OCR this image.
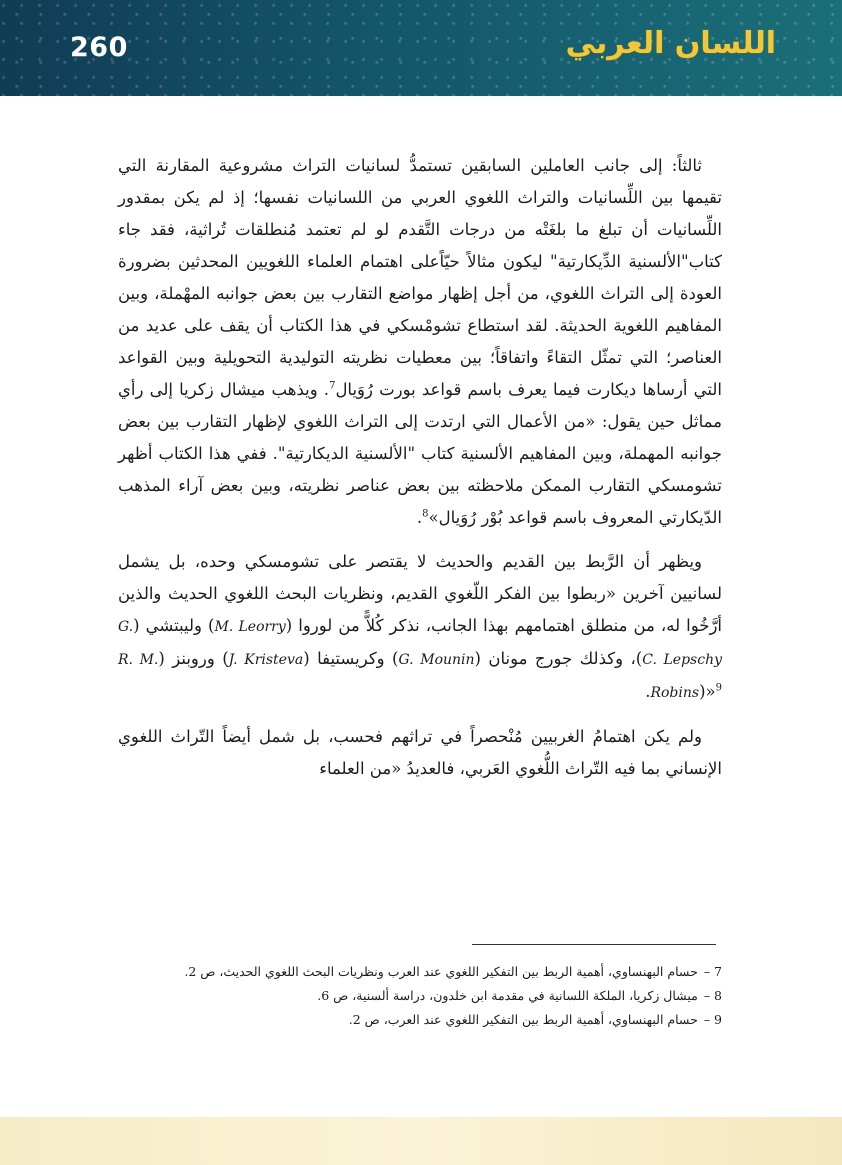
260	اللسان العربي

ثالثاً: إلى جانب العاملين السابقين تستمدُّ لسانيات التراث مشروعية المقارنة التي تقيمها بين اللِّسانيات والتراث اللغوي العربي من اللسانيات نفسها؛ إذ لم يكن بمقدور اللِّسانيات أن تبلغ ما بلغَتْه من درجات التَّقدم لو لم تعتمد مُنطلقات تُراثية، فقد جاء كتاب"الألسنية الدِّيكارتية" ليكون مثالاً حيّاًعلى اهتمام العلماء اللغويين المحدثين بضرورة العودة إلى التراث اللغوي، من أجل إظهار مواضع التقارب بين بعض جوانبه المهْملة، وبين المفاهيم اللغوية الحديثة. لقد استطاع تشومْسكي في هذا الكتاب أن يقف على عديد من العناصر؛ التي تمثّل التقاءً واتفاقاً؛ بين معطيات نظريته التوليدية التحويلية وبين القواعد التي أرساها ديكارت فيما يعرف باسم قواعد بورت رُوَيال$^7$. ويذهب ميشال زكريا إلى رأي مماثل حين يقول: «من الأعمال التي ارتدت إلى التراث اللغوي لإظهار التقارب بين بعض جوانبه المهملة، وبين المفاهيم الألسنية كتاب "الألسنية الديكارتية". ففي هذا الكتاب أظهر تشومسكي التقارب الممكن ملاحظته بين بعض عناصر نظريته، وبين بعض آراء المذهب الدّيكارتي المعروف باسم قواعد بُوْر رُوَيال»$^8$.

ويظهر أن الرَّبط بين القديم والحديث لا يقتصر على تشومسكي وحده، بل يشمل لسانيين آخرين «ربطوا بين الفكر اللّغوي القديم، ونظريات البحث اللغوي الحديث والذين أرَّخُوا له، من منطلق اهتمامهم بهذا الجانب، نذكر كُلاًّ من لوروا (M. Leorry) وليبتشي (G. C. Lepschy)، وكذلك جورج مونان (G. Mounin) وكريستيفا (J. Kristeva) وروبنز (R. M. Robins)»$^9$.

ولم يكن اهتمامُ الغربيين مُنْحصراً في تراثهم فحسب، بل شمل أيضاً التّراث اللغوي الإنساني بما فيه التّراث اللُّغوي العَربي، فالعديدُ «من العلماء

7 –حسام البهنساوي، أهمية الربط بين التفكير اللغوي عند العرب ونظريات البحث اللغوي الحديث، ص 2.

8 –ميشال زكريا، الملكة اللسانية في مقدمة ابن خلدون، دراسة ألسنية، ص 6.

9 –حسام البهنساوي، أهمية الربط بين التفكير اللغوي عند العرب، ص 2.
